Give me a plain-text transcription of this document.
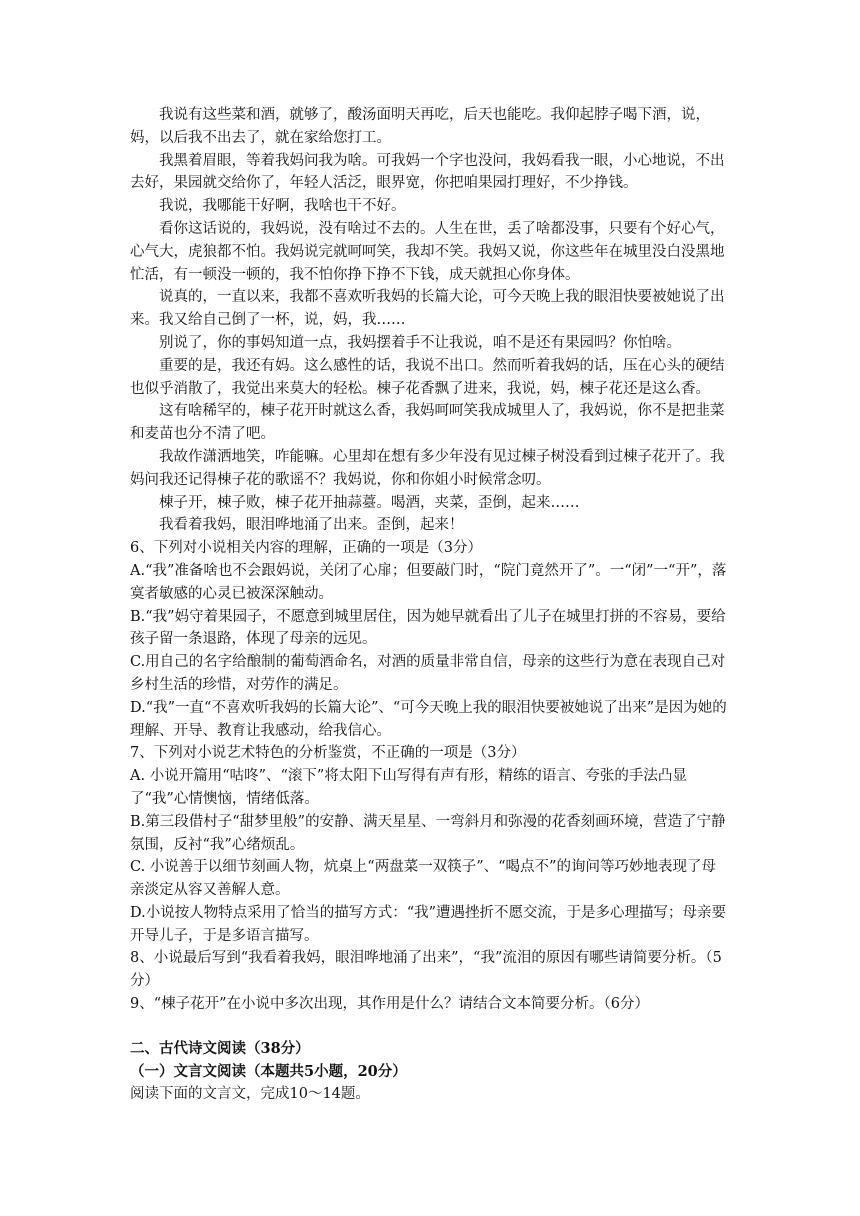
我说有这些菜和酒，就够了，酸汤面明天再吃，后天也能吃。我仰起脖子喝下酒，说，妈，以后我不出去了，就在家给您打工。

我黑着眉眼，等着我妈问我为啥。可我妈一个字也没问，我妈看我一眼，小心地说，不出去好，果园就交给你了，年轻人活泛，眼界宽，你把咱果园打理好，不少挣钱。

我说，我哪能干好啊，我啥也干不好。

看你这话说的，我妈说，没有啥过不去的。人生在世，丢了啥都没事，只要有个好心气，心气大，虎狼都不怕。我妈说完就呵呵笑，我却不笑。我妈又说，你这些年在城里没白没黑地忙活，有一顿没一顿的，我不怕你挣下挣不下钱，成天就担心你身体。

说真的，一直以来，我都不喜欢听我妈的长篇大论，可今天晚上我的眼泪快要被她说了出来。我又给自己倒了一杯，说，妈，我……

别说了，你的事妈知道一点，我妈摆着手不让我说，咱不是还有果园吗？你怕啥。

重要的是，我还有妈。这么感性的话，我说不出口。然而听着我妈的话，压在心头的硬结也似乎消散了，我觉出来莫大的轻松。棟子花香飘了进来，我说，妈，棟子花还是这么香。

这有啥稀罕的，棟子花开时就这么香，我妈呵呵笑我成城里人了，我妈说，你不是把韭菜和麦苗也分不清了吧。

我故作潇洒地笑，咋能嘛。心里却在想有多少年没有见过棟子树没看到过棟子花开了。我妈问我还记得棟子花的歌谣不？我妈说，你和你姐小时候常念叨。

棟子开，棟子败，棟子花开抽蒜薹。喝酒，夹菜，歪倒，起来……

我看着我妈，眼泪哗地涌了出来。歪倒，起来！

6、下列对小说相关内容的理解，正确的一项是（3分）

A.“我”准备啥也不会跟妈说，关闭了心扉；但要敲门时，“院门竟然开了”。一“闭”一“开”，落寞者敏感的心灵已被深深触动。

B.“我”妈守着果园子，不愿意到城里居住，因为她早就看出了儿子在城里打拼的不容易，要给孩子留一条退路，体现了母亲的远见。

C.用自己的名字给酿制的葡萄酒命名，对酒的质量非常自信，母亲的这些行为意在表现自己对乡村生活的珍惜，对劳作的满足。

D.“我”一直“不喜欢听我妈的长篇大论”、“可今天晚上我的眼泪快要被她说了出来”是因为她的理解、开导、教育让我感动，给我信心。

7、下列对小说艺术特色的分析鉴赏，不正确的一项是（3分）

A. 小说开篇用“咕咚”、“滚下”将太阳下山写得有声有形，精练的语言、夸张的手法凸显了“我”心情懊恼，情绪低落。

B.第三段借村子“甜梦里般”的安静、满天星星、一弯斜月和弥漫的花香刻画环境，营造了宁静氛围，反衬“我”心绪烦乱。

C. 小说善于以细节刻画人物，炕桌上“两盘菜一双筷子”、“喝点不”的询问等巧妙地表现了母亲淡定从容又善解人意。

D.小说按人物特点采用了恰当的描写方式：“我”遭遇挫折不愿交流，于是多心理描写；母亲要开导儿子，于是多语言描写。

8、小说最后写到“我看着我妈，眼泪哗地涌了出来”，“我”流泪的原因有哪些请简要分析。（5分）

9、“棟子花开”在小说中多次出现，其作用是什么？请结合文本简要分析。（6分）

二、古代诗文阅读（38分）

（一）文言文阅读（本题共5小题，20分）

阅读下面的文言文，完成10～14题。
